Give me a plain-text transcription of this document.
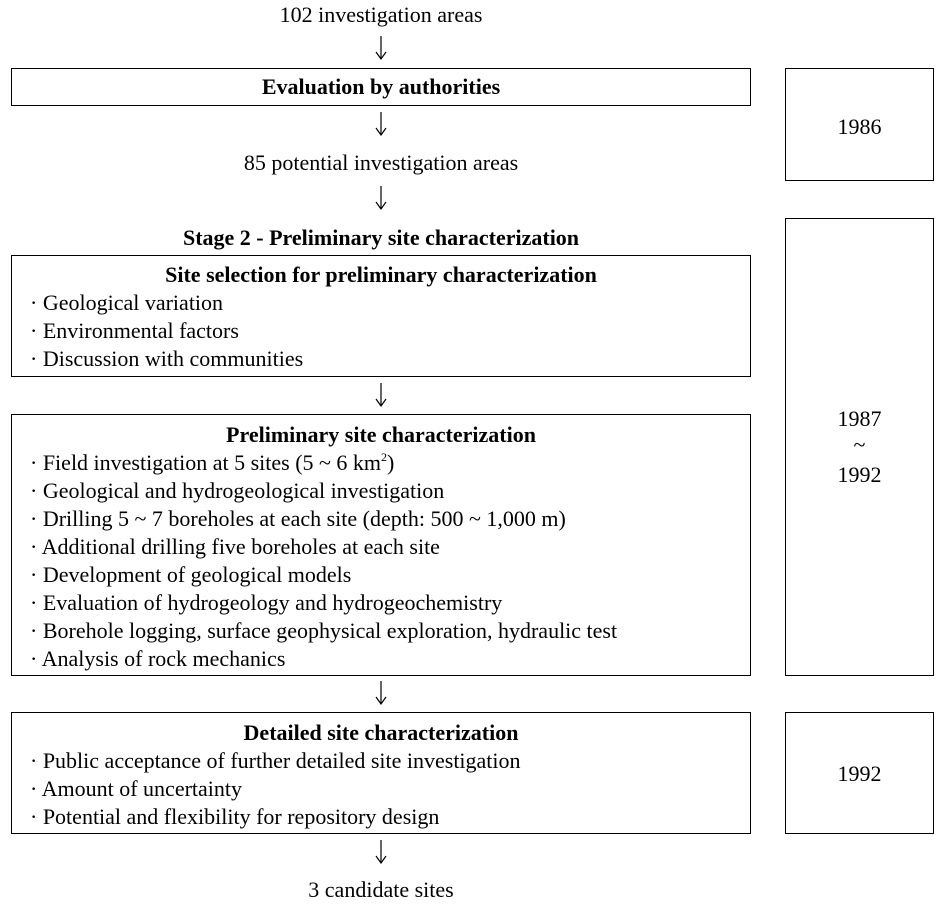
102 investigation areas
Evaluation by authorities
85 potential investigation areas
Stage 2 - Preliminary site characterization
Site selection for preliminary characterization
· Geological variation
· Environmental factors
· Discussion with communities
Preliminary site characterization
· Field investigation at 5 sites (5 ~ 6 $km^2$)
· Geological and hydrogeological investigation
· Drilling 5 ~ 7 boreholes at each site (depth: 500 ~ 1,000 m)
· Additional drilling five boreholes at each site
· Development of geological models
· Evaluation of hydrogeology and hydrogeochemistry
· Borehole logging, surface geophysical exploration, hydraulic test
· Analysis of rock mechanics
Detailed site characterization
· Public acceptance of further detailed site investigation
· Amount of uncertainty
· Potential and flexibility for repository design
3 candidate sites
1986
1987
~
1992
1992
